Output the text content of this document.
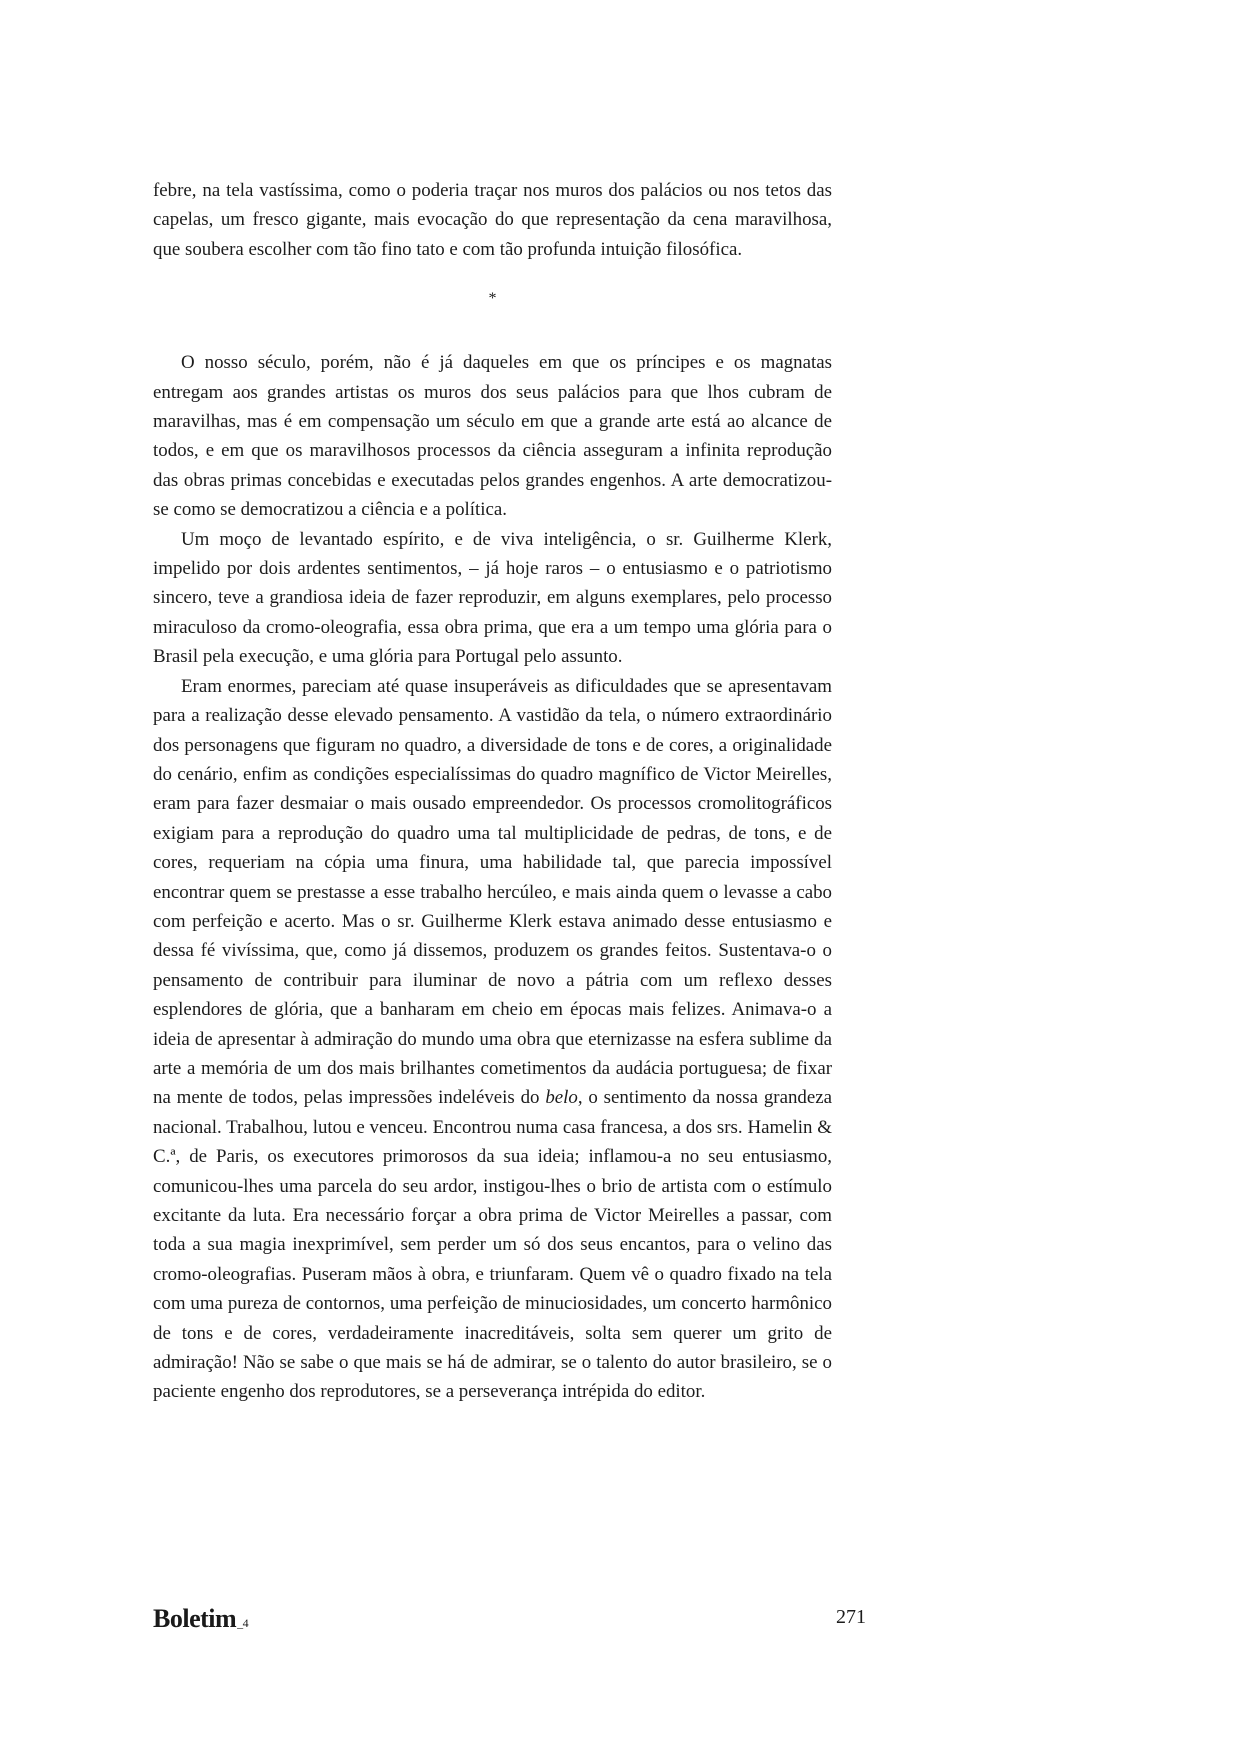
febre, na tela vastíssima, como o poderia traçar nos muros dos palácios ou nos tetos das capelas, um fresco gigante, mais evocação do que representação da cena maravilhosa, que soubera escolher com tão fino tato e com tão profunda intuição filosófica.

*

O nosso século, porém, não é já daqueles em que os príncipes e os magnatas entregam aos grandes artistas os muros dos seus palácios para que lhos cubram de maravilhas, mas é em compensação um século em que a grande arte está ao alcance de todos, e em que os maravilhosos processos da ciência asseguram a infinita reprodução das obras primas concebidas e executadas pelos grandes engenhos. A arte democratizou-se como se democratizou a ciência e a política.

Um moço de levantado espírito, e de viva inteligência, o sr. Guilherme Klerk, impelido por dois ardentes sentimentos, – já hoje raros – o entusiasmo e o patriotismo sincero, teve a grandiosa ideia de fazer reproduzir, em alguns exemplares, pelo processo miraculoso da cromo-oleografia, essa obra prima, que era a um tempo uma glória para o Brasil pela execução, e uma glória para Portugal pelo assunto.

Eram enormes, pareciam até quase insuperáveis as dificuldades que se apresentavam para a realização desse elevado pensamento. A vastidão da tela, o número extraordinário dos personagens que figuram no quadro, a diversidade de tons e de cores, a originalidade do cenário, enfim as condições especialíssimas do quadro magnífico de Victor Meirelles, eram para fazer desmaiar o mais ousado empreendedor. Os processos cromolitográficos exigiam para a reprodução do quadro uma tal multiplicidade de pedras, de tons, e de cores, requeriam na cópia uma finura, uma habilidade tal, que parecia impossível encontrar quem se prestasse a esse trabalho hercúleo, e mais ainda quem o levasse a cabo com perfeição e acerto. Mas o sr. Guilherme Klerk estava animado desse entusiasmo e dessa fé vivíssima, que, como já dissemos, produzem os grandes feitos. Sustentava-o o pensamento de contribuir para iluminar de novo a pátria com um reflexo desses esplendores de glória, que a banharam em cheio em épocas mais felizes. Animava-o a ideia de apresentar à admiração do mundo uma obra que eternizasse na esfera sublime da arte a memória de um dos mais brilhantes cometimentos da audácia portuguesa; de fixar na mente de todos, pelas impressões indeléveis do belo, o sentimento da nossa grandeza nacional. Trabalhou, lutou e venceu. Encontrou numa casa francesa, a dos srs. Hamelin & C.ª, de Paris, os executores primorosos da sua ideia; inflamou-a no seu entusiasmo, comunicou-lhes uma parcela do seu ardor, instigou-lhes o brio de artista com o estímulo excitante da luta. Era necessário forçar a obra prima de Victor Meirelles a passar, com toda a sua magia inexprimível, sem perder um só dos seus encantos, para o velino das cromo-oleografias. Puseram mãos à obra, e triunfaram. Quem vê o quadro fixado na tela com uma pureza de contornos, uma perfeição de minuciosidades, um concerto harmônico de tons e de cores, verdadeiramente inacreditáveis, solta sem querer um grito de admiração! Não se sabe o que mais se há de admirar, se o talento do autor brasileiro, se o paciente engenho dos reprodutores, se a perseverança intrépida do editor.

Boletim_4	271
